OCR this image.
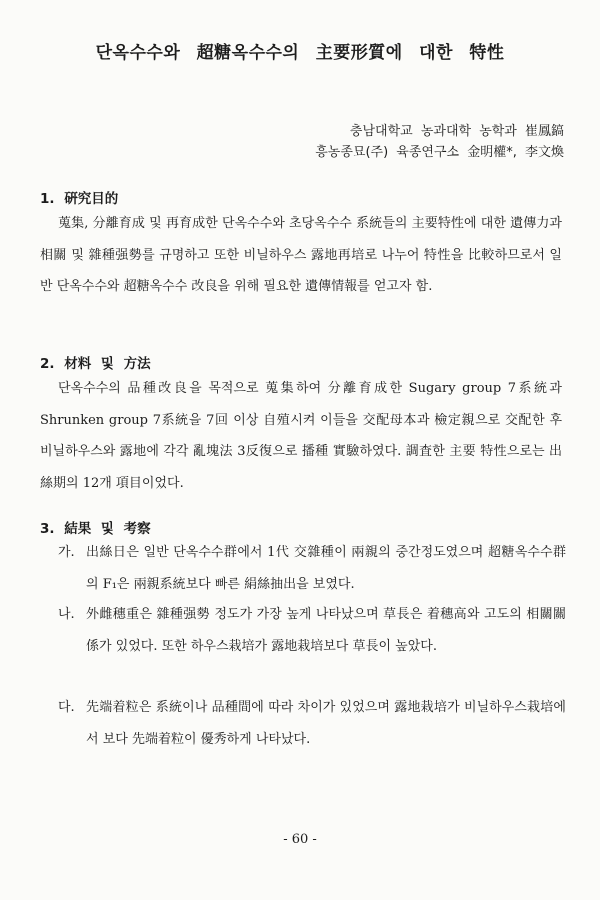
단옥수수와 超糖옥수수의 主要形質에 대한 特性
충남대학교 농과대학 농학과 崔鳳鎬
흥농종묘(주) 육종연구소 金明權*, 李文煥
1. 硏究目的
蒐集, 分離育成 및 再育成한 단옥수수와 초당옥수수 系統들의 主要特性에 대한 遺傳力과 相關 및 雜種强勢를 규명하고 또한 비닐하우스 露地再培로 나누어 特性을 比較하므로서 일반 단옥수수와 超糖옥수수 改良을 위해 필요한 遺傳情報를 얻고자 함.
2. 材料 및 方法
단옥수수의 品種改良을 목적으로 蒐集하여 分離育成한 Sugary group 7系統과 Shrunken group 7系統을 7回 이상 自殖시켜 이들을 交配母本과 檢定親으로 交配한 후 비닐하우스와 露地에 각각 亂塊法 3反復으로 播種 實驗하였다. 調査한 主要 特性으로는 出絲期의 12개 項目이었다.
3. 結果 및 考察
가. 出絲日은 일반 단옥수수群에서 1代 交雜種이 兩親의 중간정도였으며 超糖옥수수群의 F₁은 兩親系統보다 빠른 絹絲抽出을 보였다.
나. 外雌穗重은 雜種强勢 정도가 가장 높게 나타났으며 草長은 着穗高와 고도의 相關關係가 있었다. 또한 하우스栽培가 露地栽培보다 草長이 높았다.
다. 先端着粒은 系統이나 品種間에 따라 차이가 있었으며 露地栽培가 비닐하우스栽培에서 보다 先端着粒이 優秀하게 나타났다.
- 60 -
